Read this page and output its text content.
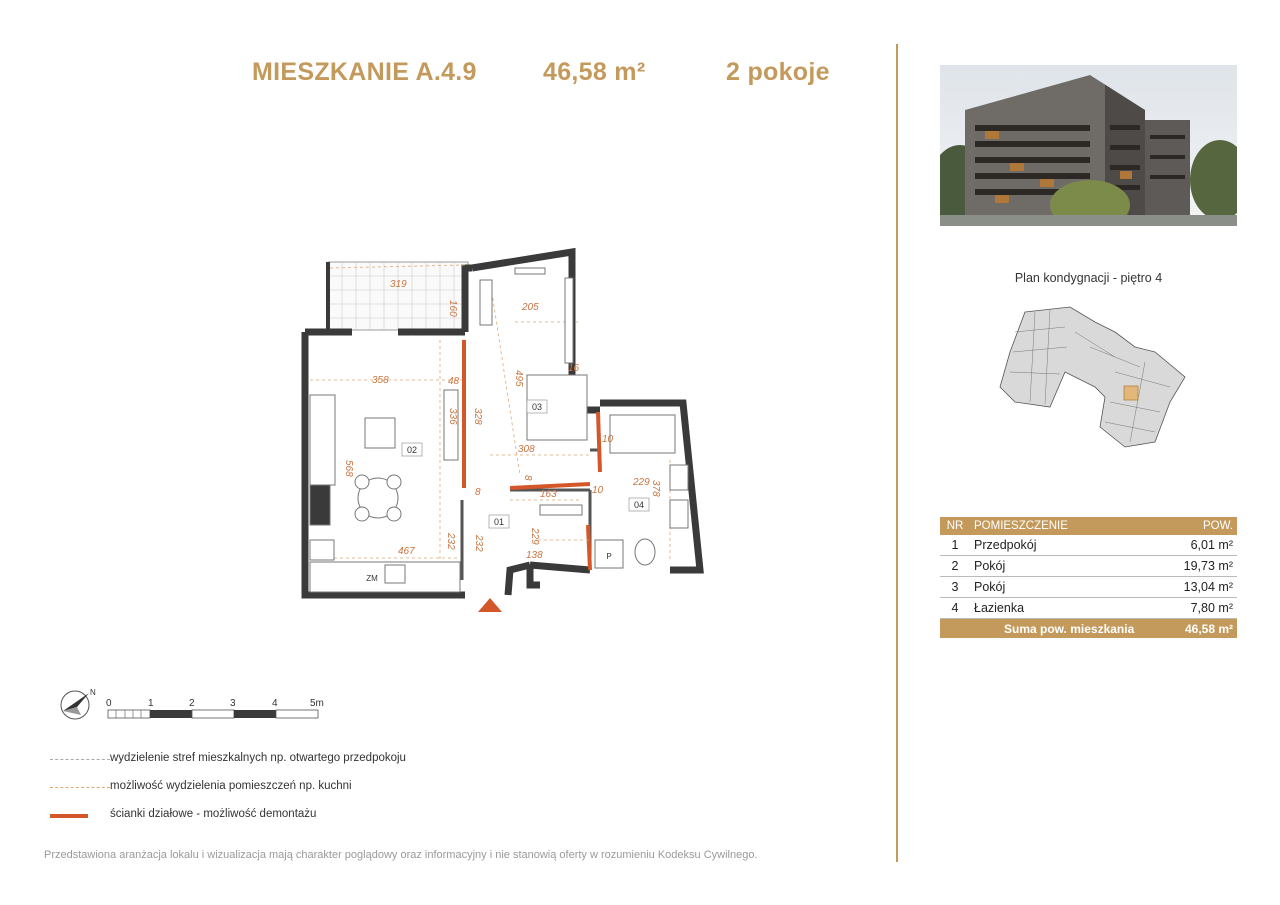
MIESZKANIE A.4.9	46,58 m²	2 pokoje
Plan kondygnacji - piętro 4
NR	POMIESZCZENIE	POW.
1	Przedpokój	6,01 m²
2	Pokój	19,73 m²
3	Pokój	13,04 m²
4	Łazienka	7,80 m²
	Suma pow. mieszkania	46,58 m²
02
03
01
04
ZM
P
319
160	205
495
16
358	48
336 328
308
10
568
8
163	10
229 378
467
232 232	229
138
8
N
0	1	2	3	4	5m
wydzielenie stref mieszkalnych np. otwartego przedpokoju
możliwość wydzielenia pomieszczeń np. kuchni
ścianki działowe - możliwość demontażu
Przedstawiona aranżacja lokalu i wizualizacja mają charakter poglądowy oraz informacyjny i nie stanowią oferty w rozumieniu Kodeksu Cywilnego.
